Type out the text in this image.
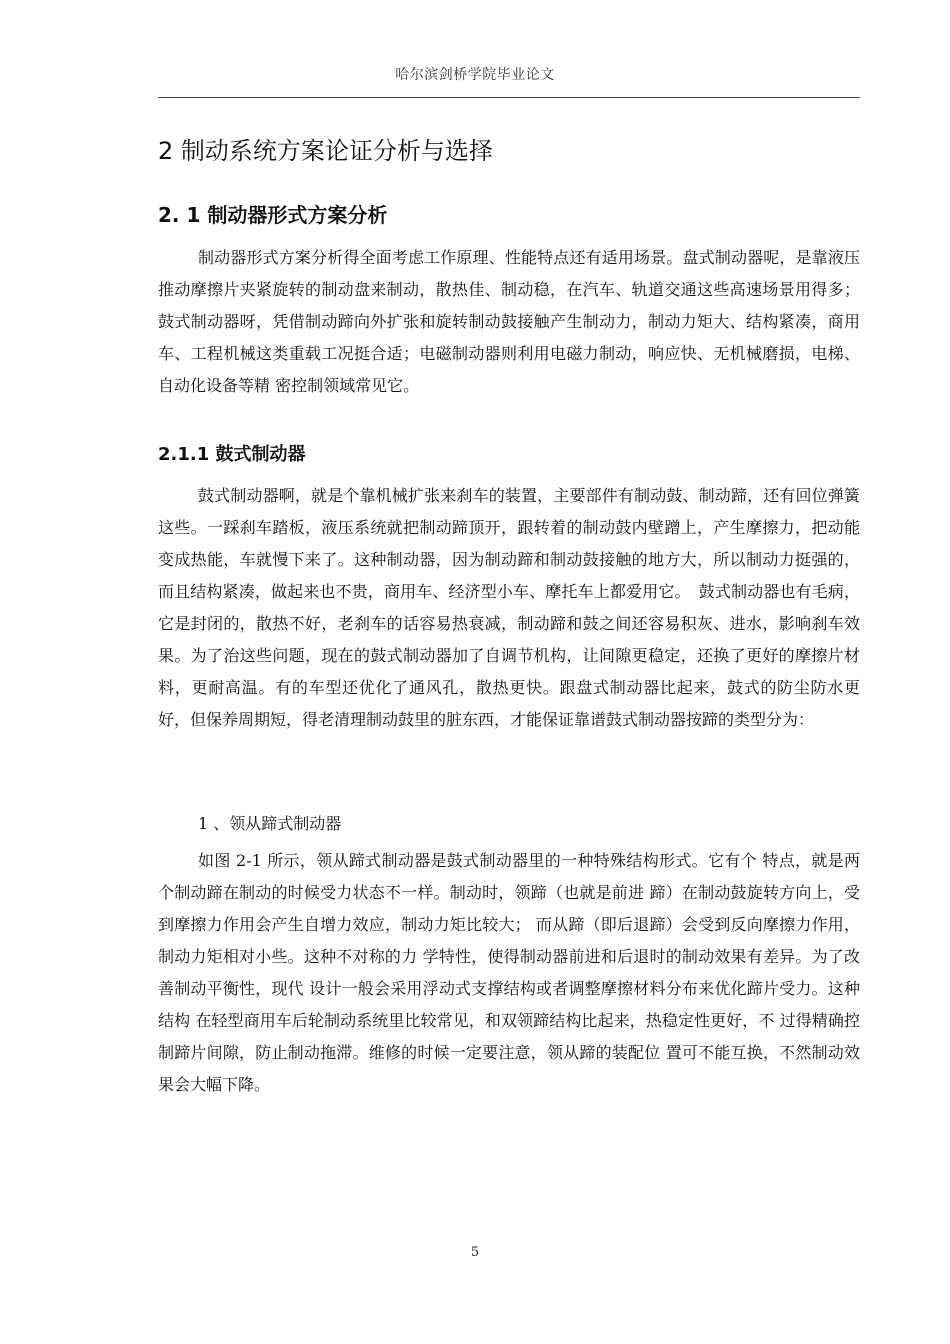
哈尔滨剑桥学院毕业论文
2 制动系统方案论证分析与选择
2. 1 制动器形式方案分析

制动器形式方案分析得全面考虑工作原理、性能特点还有适用场景。盘式制动器呢，是靠液压推动摩擦片夹紧旋转的制动盘来制动，散热佳、制动稳，在汽车、轨道交通这些高速场景用得多；鼓式制动器呀，凭借制动蹄向外扩张和旋转制动鼓接触产生制动力，制动力矩大、结构紧凑，商用车、工程机械这类重载工况挺合适；电磁制动器则利用电磁力制动，响应快、无机械磨损，电梯、 自动化设备等精 密控制领域常见它。

2.1.1 鼓式制动器

鼓式制动器啊，就是个靠机械扩张来刹车的装置，主要部件有制动鼓、制动蹄，还有回位弹簧这些。一踩刹车踏板，液压系统就把制动蹄顶开，跟转着的制动鼓内壁蹭上，产生摩擦力，把动能变成热能，车就慢下来了。这种制动器，因为制动蹄和制动鼓接触的地方大，所以制动力挺强的，而且结构紧凑，做起来也不贵，商用车、经济型小车、摩托车上都爱用它。　鼓式制动器也有毛病，它是封闭的，散热不好，老刹车的话容易热衰减，制动蹄和鼓之间还容易积灰、进水，影响刹车效果。为了治这些问题，现在的鼓式制动器加了自调节机构，让间隙更稳定，还换了更好的摩擦片材料，更耐高温。有的车型还优化了通风孔，散热更快。跟盘式制动器比起来，鼓式的防尘防水更好，但保养周期短，得老清理制动鼓里的脏东西，才能保证靠谱鼓式制动器按蹄的类型分为：

1 、领从蹄式制动器

如图 2-1 所示，领从蹄式制动器是鼓式制动器里的一种特殊结构形式。它有个 特点，就是两个制动蹄在制动的时候受力状态不一样。制动时，领蹄（也就是前进 蹄）在制动鼓旋转方向上，受到摩擦力作用会产生自增力效应，制动力矩比较大； 而从蹄（即后退蹄）会受到反向摩擦力作用，制动力矩相对小些。这种不对称的力 学特性，使得制动器前进和后退时的制动效果有差异。为了改善制动平衡性，现代 设计一般会采用浮动式支撑结构或者调整摩擦材料分布来优化蹄片受力。这种结构 在轻型商用车后轮制动系统里比较常见，和双领蹄结构比起来，热稳定性更好，不 过得精确控制蹄片间隙，防止制动拖滞。维修的时候一定要注意，领从蹄的装配位 置可不能互换，不然制动效果会大幅下降。

5
